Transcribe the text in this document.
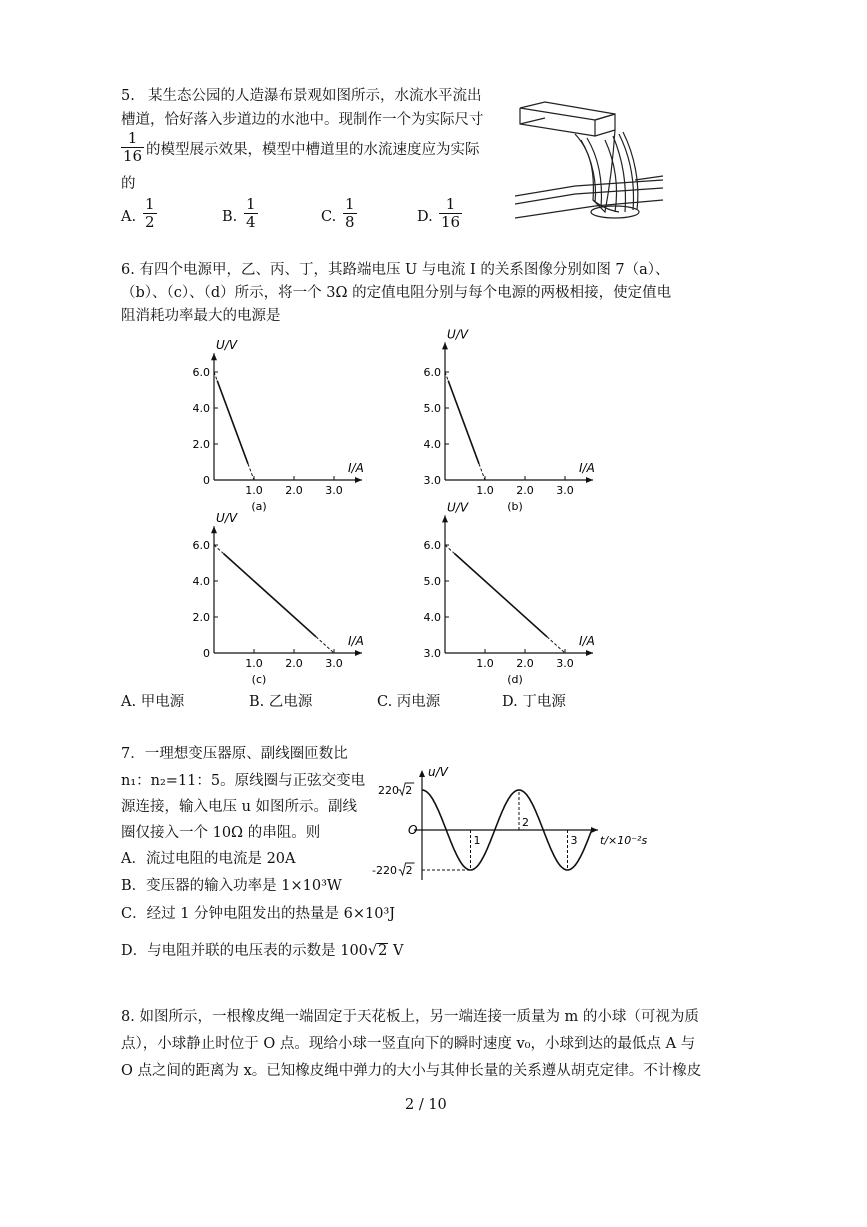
5. 某生态公园的人造瀑布景观如图所示，水流水平流出
槽道，恰好落入步道边的水池中。现制作一个为实际尺寸
$\frac{1}{16}$ 的模型展示效果，模型中槽道里的水流速度应为实际
的
A. $\frac{1}{2}$	B. $\frac{1}{4}$	C. $\frac{1}{8}$	D. $\frac{1}{16}$
6. 有四个电源甲，乙、丙、丁，其路端电压 U 与电流 I 的关系图像分别如图 7（a）、
（b）、（c）、（d）所示，将一个 3Ω 的定值电阻分别与每个电源的两极相接，使定值电
阻消耗功率最大的电源是
I/A
U/V
1.0 2.0 3.0
0
2.0
4.0
6.0
(a)
I/A
U/V
1.0 2.0 3.0
3.0
4.0
5.0
6.0
(b)
I/A
U/V
1.0 2.0 3.0
0
2.0
4.0
6.0
(c)
I/A
U/V
1.0 2.0 3.0
3.0
4.0
5.0
6.0
(d)
A. 甲电源	B. 乙电源	C. 丙电源	D. 丁电源
7．一理想变压器原、副线圈匝数比
n₁：n₂=11：5。原线圈与正弦交变电
源连接，输入电压 u 如图所示。副线
圈仅接入一个 10Ω 的串阻。则
A．流过电阻的电流是 20A
B．变压器的输入功率是 1×10³W
C．经过 1 分钟电阻发出的热量是 6×10³J
D．与电阻并联的电压表的示数是 100√2 V
u/V
t/×10⁻²s
O
1
2
3
220 2
-220 2
8. 如图所示，一根橡皮绳一端固定于天花板上，另一端连接一质量为 m 的小球（可视为质
点），小球静止时位于 O 点。现给小球一竖直向下的瞬时速度 v₀，小球到达的最低点 A 与
O 点之间的距离为 x。已知橡皮绳中弹力的大小与其伸长量的关系遵从胡克定律。不计橡皮
2 / 10
